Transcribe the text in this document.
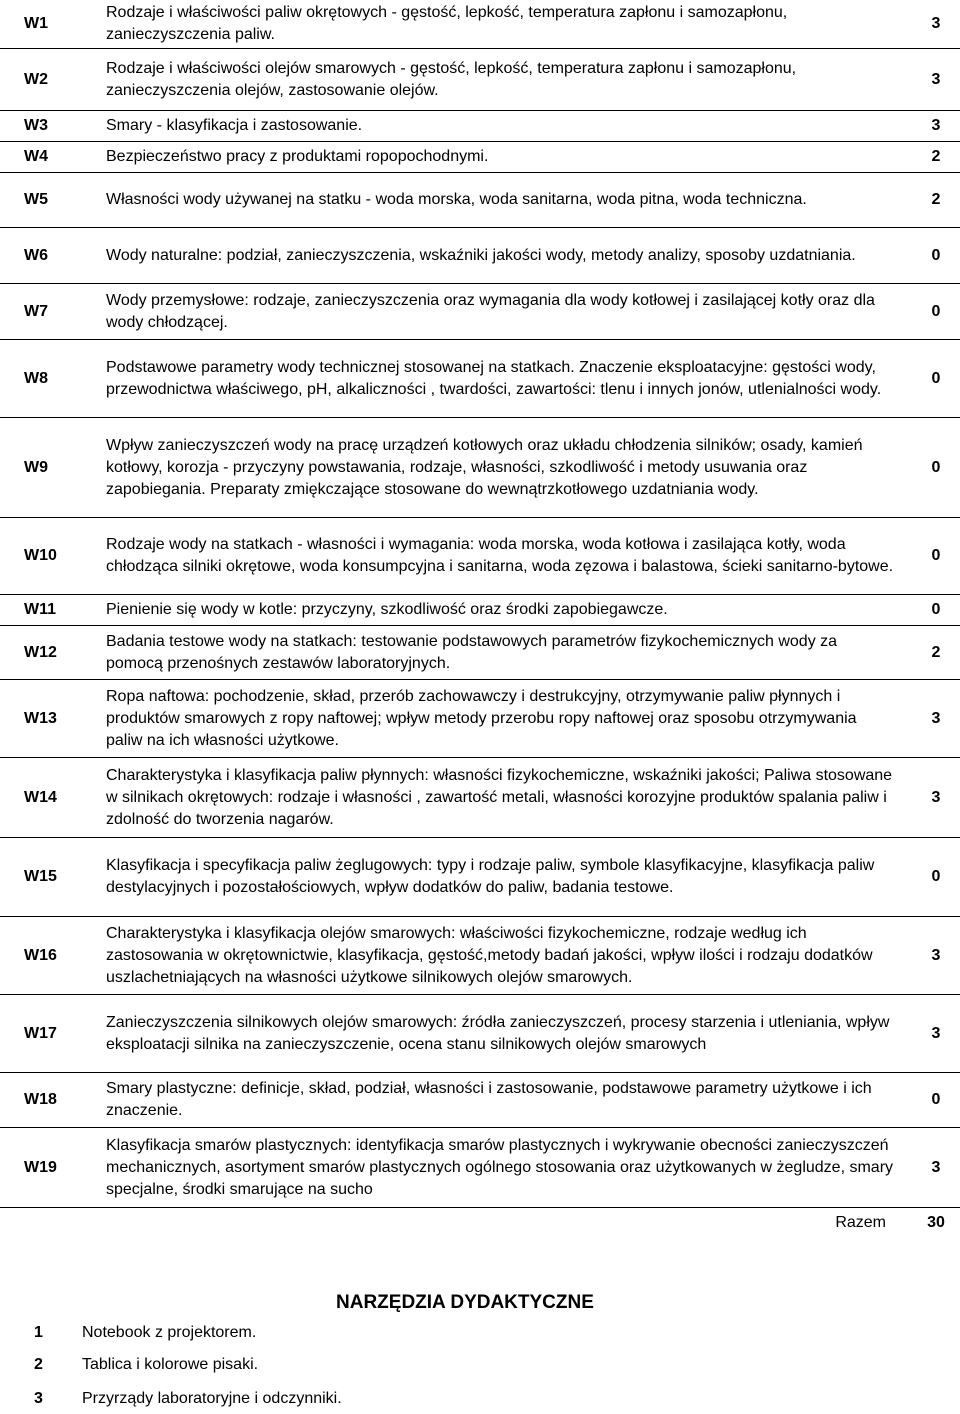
W1	Rodzaje i właściwości paliw okrętowych - gęstość, lepkość, temperatura zapłonu i samozapłonu, zanieczyszczenia paliw.	3
W2	Rodzaje i właściwości olejów smarowych - gęstość, lepkość, temperatura zapłonu i samozapłonu, zanieczyszczenia olejów, zastosowanie olejów.	3
W3	Smary - klasyfikacja i zastosowanie.	3
W4	Bezpieczeństwo pracy z produktami ropopochodnymi.	2
W5	Własności wody używanej na statku - woda morska, woda sanitarna, woda pitna, woda techniczna.	2
W6	Wody naturalne: podział, zanieczyszczenia, wskaźniki jakości wody, metody analizy, sposoby uzdatniania.	0
W7	Wody przemysłowe: rodzaje, zanieczyszczenia oraz wymagania dla wody kotłowej i zasilającej kotły oraz dla wody chłodzącej.	0
W8	Podstawowe parametry wody technicznej stosowanej na statkach. Znaczenie eksploatacyjne: gęstości wody, przewodnictwa właściwego, pH, alkaliczności , twardości, zawartości: tlenu i innych jonów, utlenialności wody.	0
W9	Wpływ zanieczyszczeń wody na pracę urządzeń kotłowych oraz układu chłodzenia silników; osady, kamień kotłowy, korozja - przyczyny powstawania, rodzaje, własności, szkodliwość i metody usuwania oraz zapobiegania. Preparaty zmiękczające stosowane do wewnątrzkotłowego uzdatniania wody.	0
W10	Rodzaje wody na statkach - własności i wymagania: woda morska, woda kotłowa i zasilająca kotły, woda chłodząca silniki okrętowe, woda konsumpcyjna i sanitarna, woda zęzowa i balastowa, ścieki sanitarno-bytowe.	0
W11	Pienienie się wody w kotle: przyczyny, szkodliwość oraz środki zapobiegawcze.	0
W12	Badania testowe wody na statkach: testowanie podstawowych parametrów fizykochemicznych wody za pomocą przenośnych zestawów laboratoryjnych.	2
W13	Ropa naftowa: pochodzenie, skład, przerób zachowawczy i destrukcyjny, otrzymywanie paliw płynnych i produktów smarowych z ropy naftowej; wpływ metody przerobu ropy naftowej oraz sposobu otrzymywania paliw na ich własności użytkowe.	3
W14	Charakterystyka i klasyfikacja paliw płynnych: własności fizykochemiczne, wskaźniki jakości; Paliwa stosowane w silnikach okrętowych: rodzaje i własności , zawartość metali, własności korozyjne produktów spalania paliw i zdolność do tworzenia nagarów.	3
W15	Klasyfikacja i specyfikacja paliw żeglugowych: typy i rodzaje paliw, symbole klasyfikacyjne, klasyfikacja paliw destylacyjnych i pozostałościowych, wpływ dodatków do paliw, badania testowe.	0
W16	Charakterystyka i klasyfikacja olejów smarowych: właściwości fizykochemiczne, rodzaje według ich zastosowania w okrętownictwie, klasyfikacja, gęstość,metody badań jakości, wpływ ilości i rodzaju dodatków uszlachetniających na własności użytkowe silnikowych olejów smarowych.	3
W17	Zanieczyszczenia silnikowych olejów smarowych: źródła zanieczyszczeń, procesy starzenia i utleniania, wpływ eksploatacji silnika na zanieczyszczenie, ocena stanu silnikowych olejów smarowych	3
W18	Smary plastyczne: definicje, skład, podział, własności i zastosowanie, podstawowe parametry użytkowe i ich znaczenie.	0
W19	Klasyfikacja smarów plastycznych: identyfikacja smarów plastycznych i wykrywanie obecności zanieczyszczeń mechanicznych, asortyment smarów plastycznych ogólnego stosowania oraz użytkowanych w żegludze, smary specjalne, środki smarujące na sucho	3
Razem		30
NARZĘDZIA DYDAKTYCZNE
1 Notebook z projektorem.
2 Tablica i kolorowe pisaki.
3 Przyrządy laboratoryjne i odczynniki.
